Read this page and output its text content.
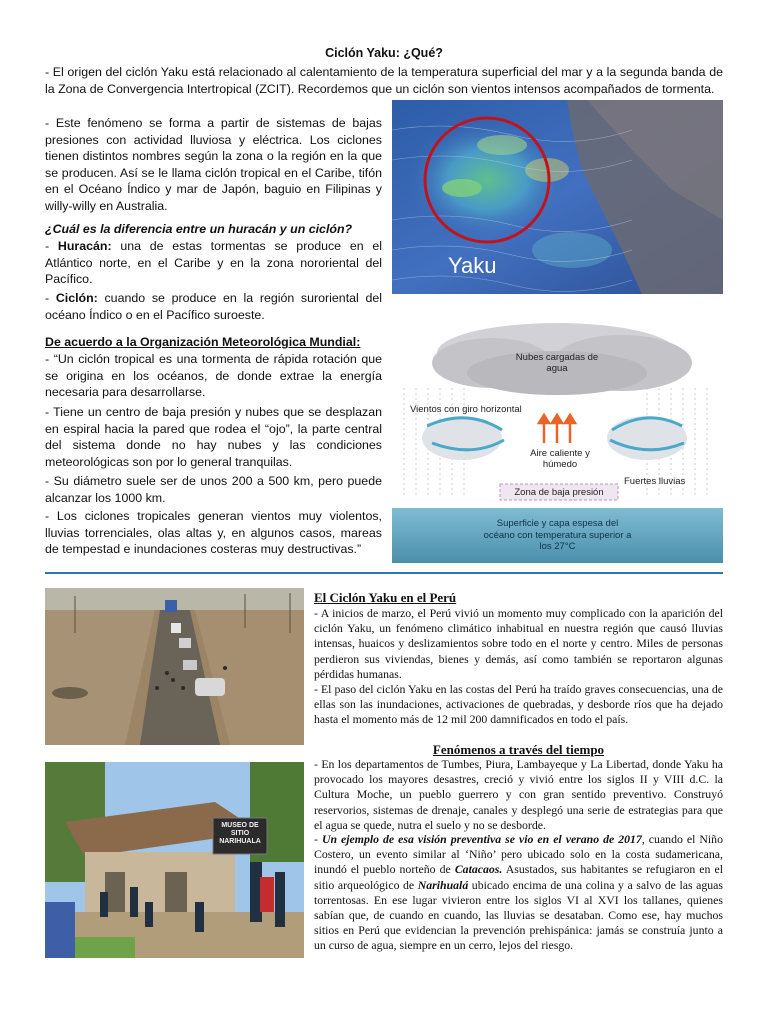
Ciclón Yaku: ¿Qué?
- El origen del ciclón Yaku está relacionado al calentamiento de la temperatura superficial del mar y a la segunda banda de la Zona de Convergencia Intertropical (ZCIT). Recordemos que un ciclón son vientos intensos acompañados de tormenta.
- Este fenómeno se forma a partir de sistemas de bajas presiones con actividad lluviosa y eléctrica. Los ciclones tienen distintos nombres según la zona o la región en la que se producen. Así se le llama ciclón tropical en el Caribe, tifón en el Océano Índico y mar de Japón, baguio en Filipinas y willy-willy en Australia.
¿Cuál es la diferencia entre un huracán y un ciclón?
- Huracán: una de estas tormentas se produce en el Atlántico norte, en el Caribe y en la zona nororiental del Pacífico.
- Ciclón: cuando se produce en la región suroriental del océano Índico o en el Pacífico suroeste.
De acuerdo a la Organización Meteorológica Mundial:
- “Un ciclón tropical es una tormenta de rápida rotación que se origina en los océanos, de donde extrae la energía necesaria para desarrollarse.
- Tiene un centro de baja presión y nubes que se desplazan en espiral hacia la pared que rodea el “ojo”, la parte central del sistema donde no hay nubes y las condiciones meteorológicas son por lo general tranquilas.
- Su diámetro suele ser de unos 200 a 500 km, pero puede alcanzar los 1000 km.
- Los ciclones tropicales generan vientos muy violentos, lluvias torrenciales, olas altas y, en algunos casos, mareas de tempestad e inundaciones costeras muy destructivas.”
Yaku
Nubes cargadas de agua
Vientos con giro horizontal
Aire caliente y húmedo
Fuertes lluvias
Zona de baja presión
Superficie y capa espesa del océano con temperatura superior a los 27°C
El Ciclón Yaku en el Perú
- A inicios de marzo, el Perú vivió un momento muy complicado con la aparición del ciclón Yaku, un fenómeno climático inhabitual en nuestra región que causó lluvias intensas, huaicos y deslizamientos sobre todo en el norte y centro. Miles de personas perdieron sus viviendas, bienes y demás, así como también se reportaron algunas pérdidas humanas.
- El paso del ciclón Yaku en las costas del Perú ha traído graves consecuencias, una de ellas son las inundaciones, activaciones de quebradas, y desborde ríos que ha dejado hasta el momento más de 12 mil 200 damnificados en todo el país.
MUSEO DE SITIO NARIHUALA
Fenómenos a través del tiempo
- En los departamentos de Tumbes, Piura, Lambayeque y La Libertad, donde Yaku ha provocado los mayores desastres, creció y vivió entre los siglos II y VIII d.C. la Cultura Moche, un pueblo guerrero y con gran sentido preventivo. Construyó reservorios, sistemas de drenaje, canales y desplegó una serie de estrategias para que el agua se quede, nutra el suelo y no se desborde.
- Un ejemplo de esa visión preventiva se vio en el verano de 2017, cuando el Niño Costero, un evento similar al ‘Niño’ pero ubicado solo en la costa sudamericana, inundó el pueblo norteño de Catacaos. Asustados, sus habitantes se refugiaron en el sitio arqueológico de Narihualá ubicado encima de una colina y a salvo de las aguas torrentosas. En ese lugar vivieron entre los siglos VI al XVI los tallanes, quienes sabían que, de cuando en cuando, las lluvias se desataban. Como ese, hay muchos sitios en Perú que evidencian la prevención prehispánica: jamás se construía junto a un curso de agua, siempre en un cerro, lejos del riesgo.
